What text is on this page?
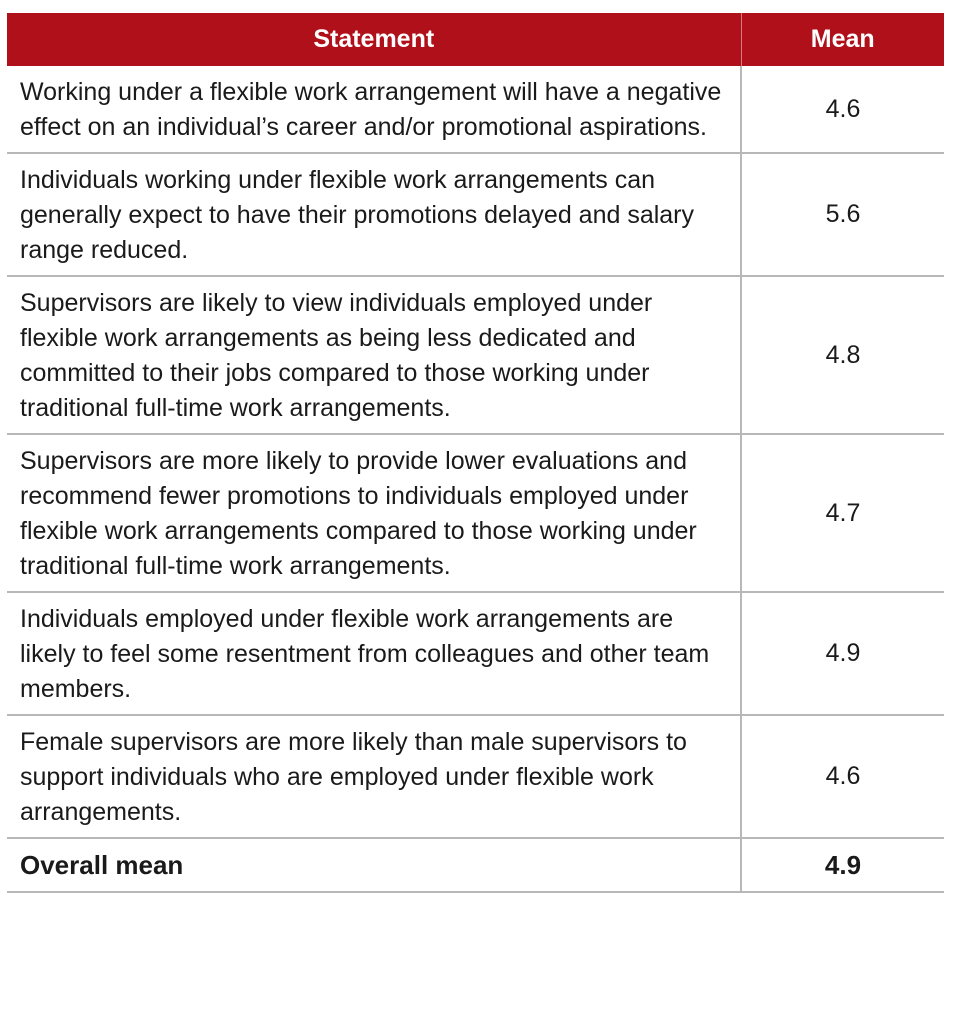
Statement	Mean
Working under a flexible work arrangement will have a negative effect on an individual’s career and/or promotional aspirations.	4.6
Individuals working under flexible work arrangements can generally expect to have their promotions delayed and salary range reduced.	5.6
Supervisors are likely to view individuals employed under flexible work arrangements as being less dedicated and committed to their jobs compared to those working under traditional full-time work arrangements.	4.8
Supervisors are more likely to provide lower evaluations and recommend fewer promotions to individuals employed under flexible work arrangements compared to those working under traditional full-time work arrangements.	4.7
Individuals employed under flexible work arrangements are likely to feel some resentment from colleagues and other team members.	4.9
Female supervisors are more likely than male supervisors to support individuals who are employed under flexible work arrangements.	4.6
Overall mean	4.9
